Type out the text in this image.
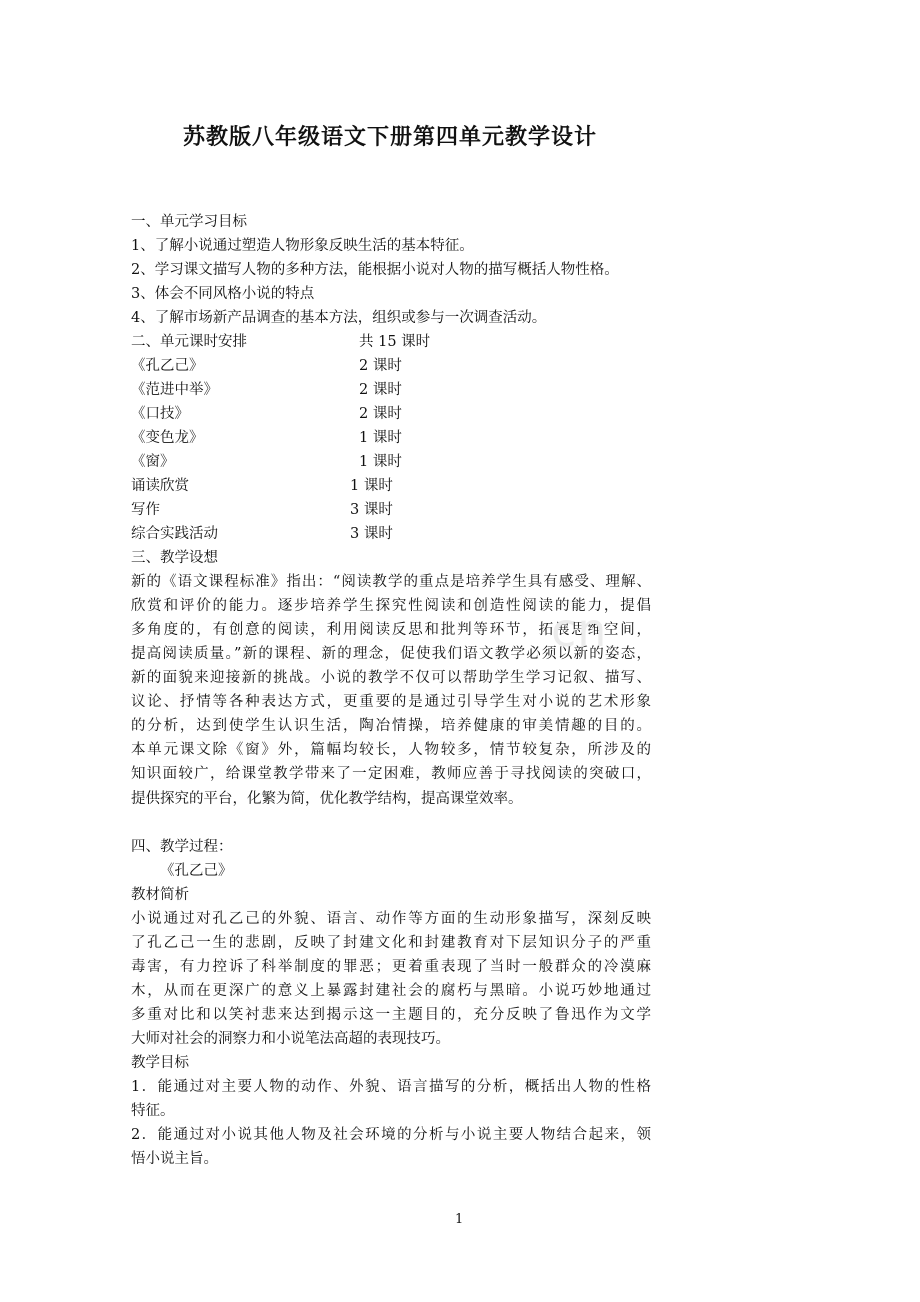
苏教版八年级语文下册第四单元教学设计
一、单元学习目标
1、了解小说通过塑造人物形象反映生活的基本特征。
2、学习课文描写人物的多种方法，能根据小说对人物的描写概括人物性格。
3、体会不同风格小说的特点
4、了解市场新产品调查的基本方法，组织或参与一次调查活动。
二、单元课时安排	共 15 课时
《孔乙己》	2 课时
《范进中举》	2 课时
《口技》	2 课时
《变色龙》	1 课时
《窗》	1 课时
诵读欣赏	1 课时
写作	3 课时
综合实践活动	3 课时
三、教学设想
新的《语文课程标准》指出：“阅读教学的重点是培养学生具有感受、理解、
欣赏和评价的能力。逐步培养学生探究性阅读和创造性阅读的能力，提倡
多角度的，有创意的阅读，利用阅读反思和批判等环节，拓展思维空间，
提高阅读质量。”新的课程、新的理念，促使我们语文教学必须以新的姿态，
新的面貌来迎接新的挑战。小说的教学不仅可以帮助学生学习记叙、描写、
议论、抒情等各种表达方式，更重要的是通过引导学生对小说的艺术形象
的分析，达到使学生认识生活，陶冶情操，培养健康的审美情趣的目的。
本单元课文除《窗》外，篇幅均较长，人物较多，情节较复杂，所涉及的
知识面较广，给课堂教学带来了一定困难，教师应善于寻找阅读的突破口，
提供探究的平台，化繁为简，优化教学结构，提高课堂效率。
四、教学过程：
《孔乙己》
教材简析
小说通过对孔乙己的外貌、语言、动作等方面的生动形象描写，深刻反映
了孔乙己一生的悲剧，反映了封建文化和封建教育对下层知识分子的严重
毒害，有力控诉了科举制度的罪恶；更着重表现了当时一般群众的冷漠麻
木，从而在更深广的意义上暴露封建社会的腐朽与黑暗。小说巧妙地通过
多重对比和以笑衬悲来达到揭示这一主题目的，充分反映了鲁迅作为文学
大师对社会的洞察力和小说笔法高超的表现技巧。
教学目标
1．能通过对主要人物的动作、外貌、语言描写的分析，概括出人物的性格
特征。
2．能通过对小说其他人物及社会环境的分析与小说主要人物结合起来，领
悟小说主旨。
cn
1
